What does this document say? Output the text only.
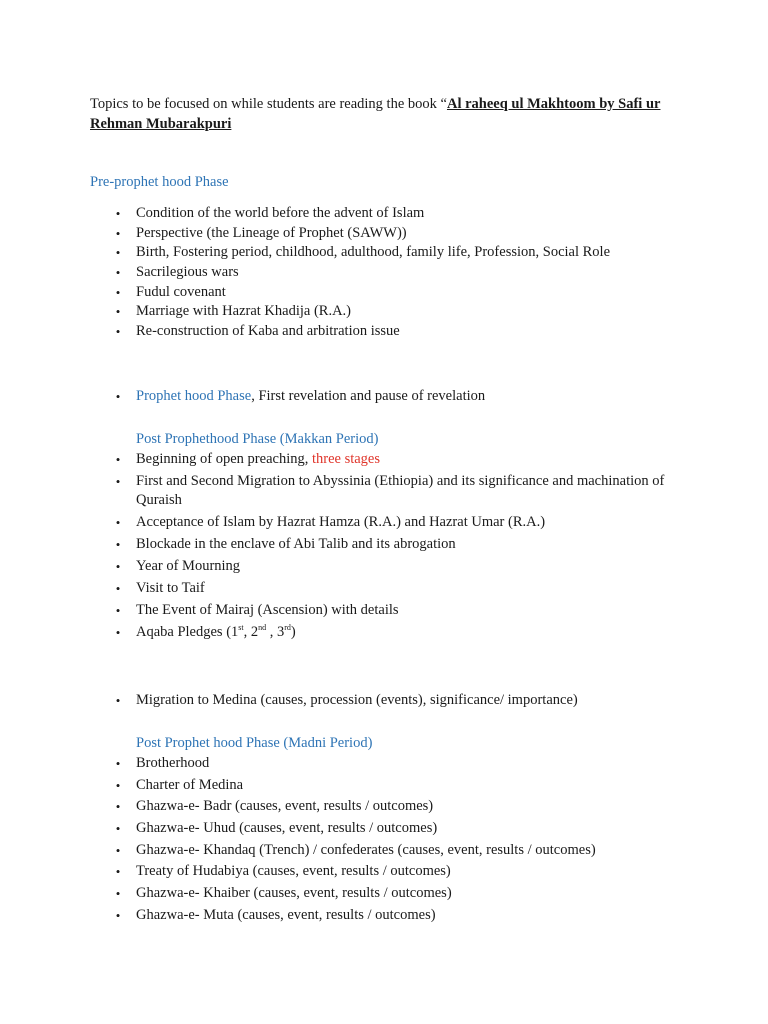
Topics to be focused on while students are reading the book “Al raheeq ul Makhtoom by Safi ur Rehman Mubarakpuri
Pre-prophet hood Phase
• Condition of the world before the advent of Islam
• Perspective (the Lineage of Prophet (SAWW))
• Birth, Fostering period, childhood, adulthood, family life, Profession, Social Role
• Sacrilegious wars
• Fudul covenant
• Marriage with Hazrat Khadija (R.A.)
• Re-construction of Kaba and arbitration issue
• Prophet hood Phase, First revelation and pause of revelation
Post Prophethood Phase (Makkan Period)
• Beginning of open preaching, three stages
• First and Second Migration to Abyssinia (Ethiopia) and its significance and machination of Quraish
• Acceptance of Islam by Hazrat Hamza (R.A.) and Hazrat Umar (R.A.)
• Blockade in the enclave of Abi Talib and its abrogation
• Year of Mourning
• Visit to Taif
• The Event of Mairaj (Ascension) with details
• Aqaba Pledges (1st, 2nd , 3rd)
• Migration to Medina (causes, procession (events), significance/ importance)
Post Prophet hood Phase (Madni Period)
• Brotherhood
• Charter of Medina
• Ghazwa-e- Badr (causes, event, results / outcomes)
• Ghazwa-e- Uhud (causes, event, results / outcomes)
• Ghazwa-e- Khandaq (Trench) / confederates (causes, event, results / outcomes)
• Treaty of Hudabiya (causes, event, results / outcomes)
• Ghazwa-e- Khaiber (causes, event, results / outcomes)
• Ghazwa-e- Muta (causes, event, results / outcomes)
